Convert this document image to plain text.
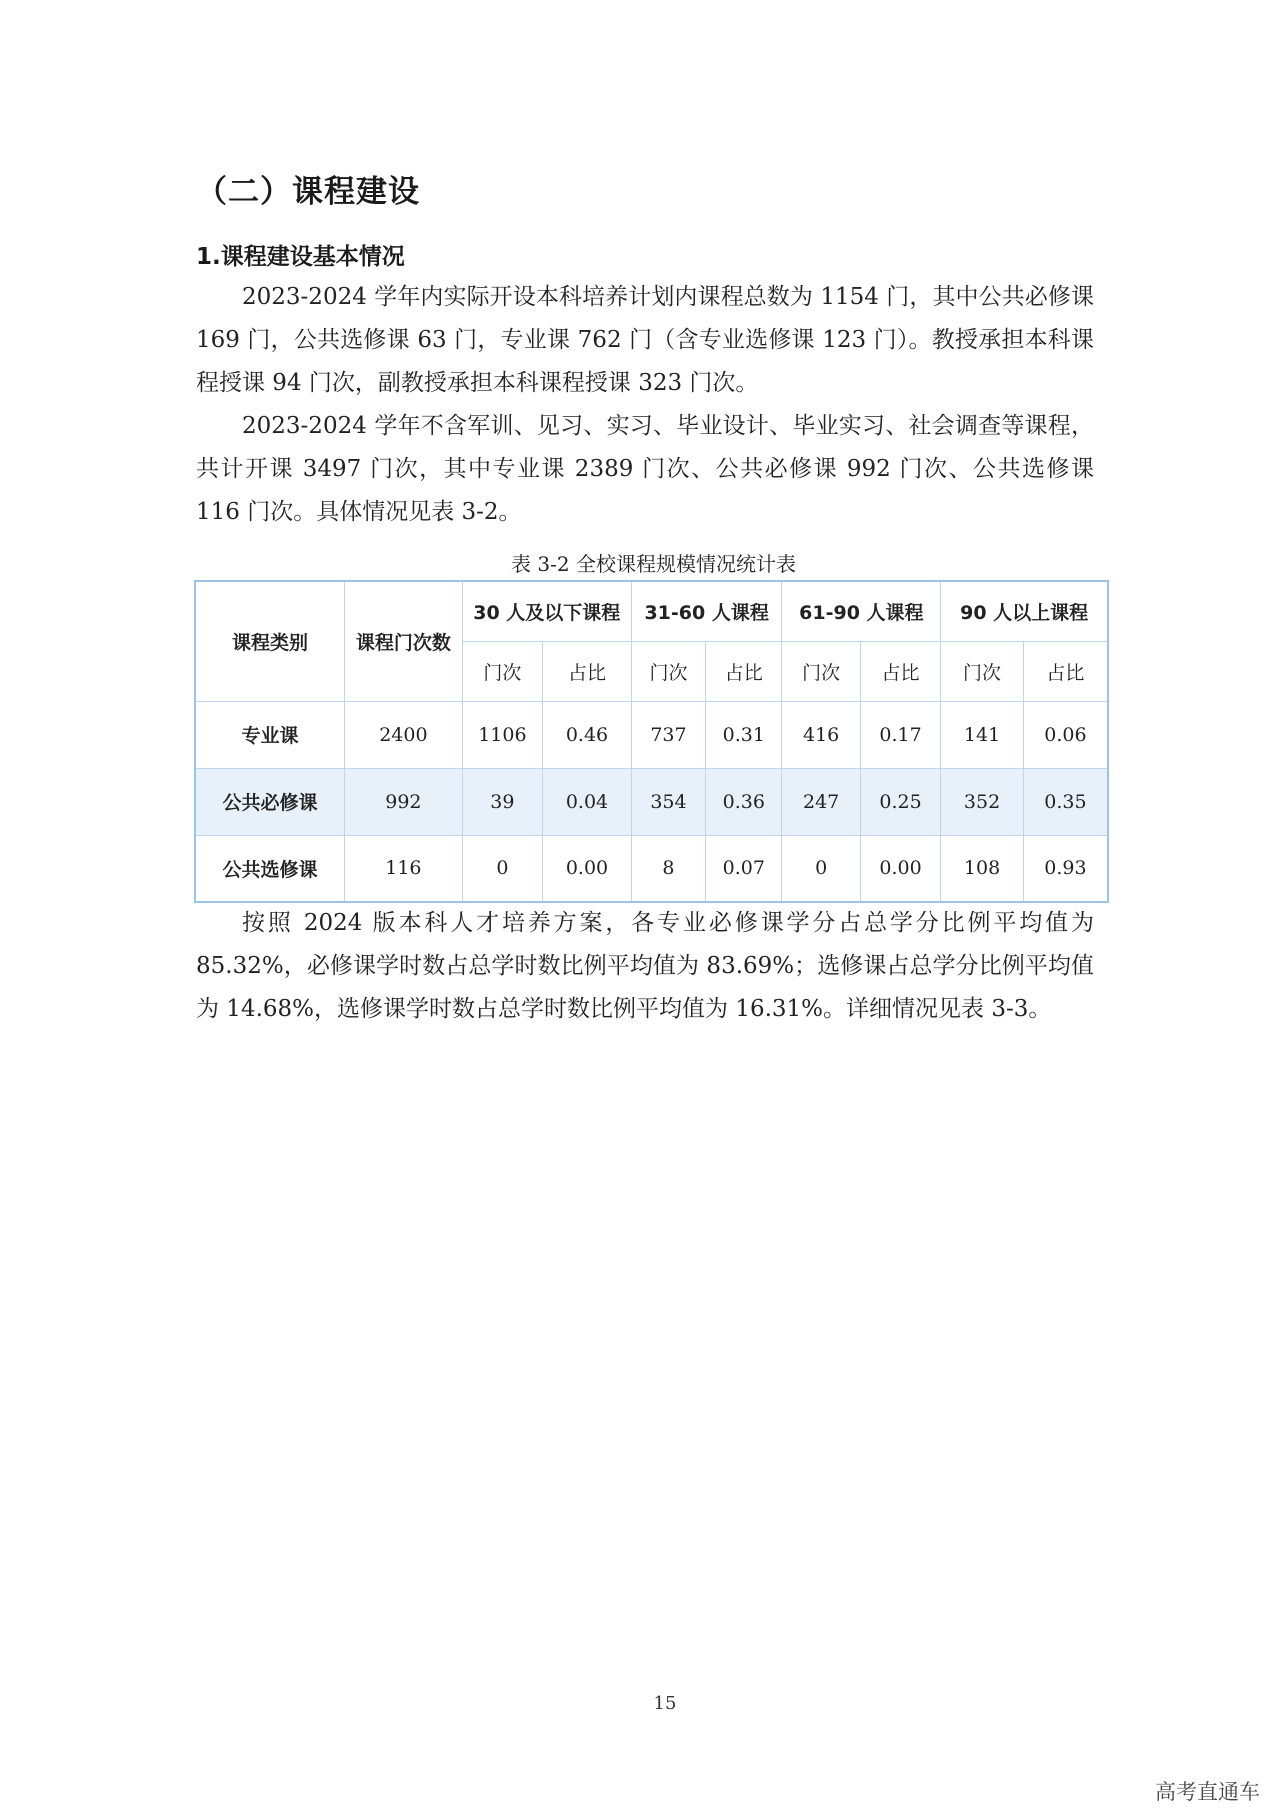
（二）课程建设
1.课程建设基本情况

2023-2024 学年内实际开设本科培养计划内课程总数为 1154 门，其中公共必修课 169 门，公共选修课 63 门，专业课 762 门（含专业选修课 123 门）。教授承担本科课程授课 94 门次，副教授承担本科课程授课 323 门次。

2023-2024 学年不含军训、见习、实习、毕业设计、毕业实习、社会调查等课程，共计开课 3497 门次，其中专业课 2389 门次、公共必修课 992 门次、公共选修课 116 门次。具体情况见表 3-2。

表 3-2 全校课程规模情况统计表
课程类别	课程门次数	30 人及以下课程		31-60 人课程		61-90 人课程		90 人以上课程	
		门次	占比	门次	占比	门次	占比	门次	占比
专业课	2400	1106	0.46	737	0.31	416	0.17	141	0.06
公共必修课	992	39	0.04	354	0.36	247	0.25	352	0.35
公共选修课	116	0	0.00	8	0.07	0	0.00	108	0.93

按照 2024 版本科人才培养方案，各专业必修课学分占总学分比例平均值为 85.32%，必修课学时数占总学时数比例平均值为 83.69%；选修课占总学分比例平均值为 14.68%，选修课学时数占总学时数比例平均值为 16.31%。详细情况见表 3-3。

15
高考直通车
